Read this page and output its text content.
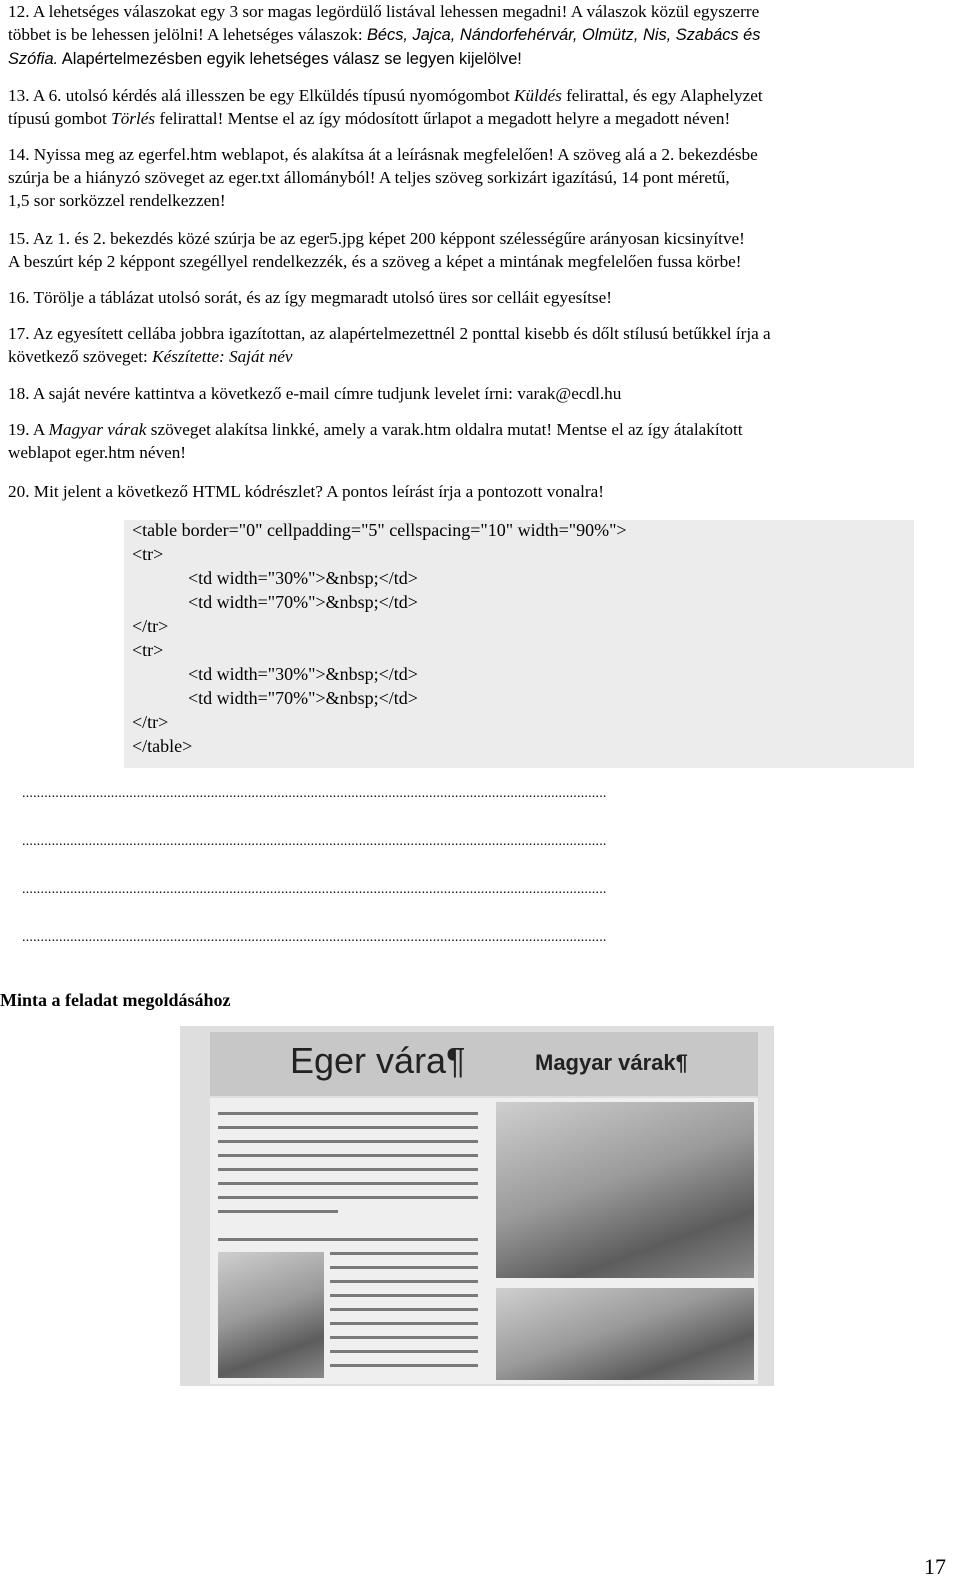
12. A lehetséges válaszokat egy 3 sor magas legördülő listával lehessen megadni! A válaszok közül egyszerre
többet is be lehessen jelölni! A lehetséges válaszok: Bécs, Jajca, Nándorfehérvár, Olmütz, Nis, Szabács és
Szófia. Alapértelmezésben egyik lehetséges válasz se legyen kijelölve!
13. A 6. utolsó kérdés alá illesszen be egy Elküldés típusú nyomógombot Küldés felirattal, és egy Alaphelyzet
típusú gombot Törlés felirattal! Mentse el az így módosított űrlapot a megadott helyre a megadott néven!
14. Nyissa meg az egerfel.htm weblapot, és alakítsa át a leírásnak megfelelően! A szöveg alá a 2. bekezdésbe
szúrja be a hiányzó szöveget az eger.txt állományból! A teljes szöveg sorkizárt igazítású, 14 pont méretű,
1,5 sor sorközzel rendelkezzen!
15. Az 1. és 2. bekezdés közé szúrja be az eger5.jpg képet 200 képpont szélességűre arányosan kicsinyítve!
A beszúrt kép 2 képpont szegéllyel rendelkezzék, és a szöveg a képet a mintának megfelelően fussa körbe!
16. Törölje a táblázat utolsó sorát, és az így megmaradt utolsó üres sor celláit egyesítse!
17. Az egyesített cellába jobbra igazítottan, az alapértelmezettnél 2 ponttal kisebb és dőlt stílusú betűkkel írja a
következő szöveget: Készítette: Saját név
18. A saját nevére kattintva a következő e-mail címre tudjunk levelet írni: varak@ecdl.hu
19. A Magyar várak szöveget alakítsa linkké, amely a varak.htm oldalra mutat! Mentse el az így átalakított
weblapot eger.htm néven!
20. Mit jelent a következő HTML kódrészlet? A pontos leírást írja a pontozott vonalra!
<table border="0" cellpadding="5" cellspacing="10" width="90%">
<tr>
<td width="30%">&nbsp;</td>
<td width="70%">&nbsp;</td>
</tr>
<tr>
<td width="30%">&nbsp;</td>
<td width="70%">&nbsp;</td>
</tr>
</table>
..............................................................................................................................................................
..............................................................................................................................................................
..............................................................................................................................................................
..............................................................................................................................................................
Minta a feladat megoldásához
Eger vára¶	Magyar várak¶
17
